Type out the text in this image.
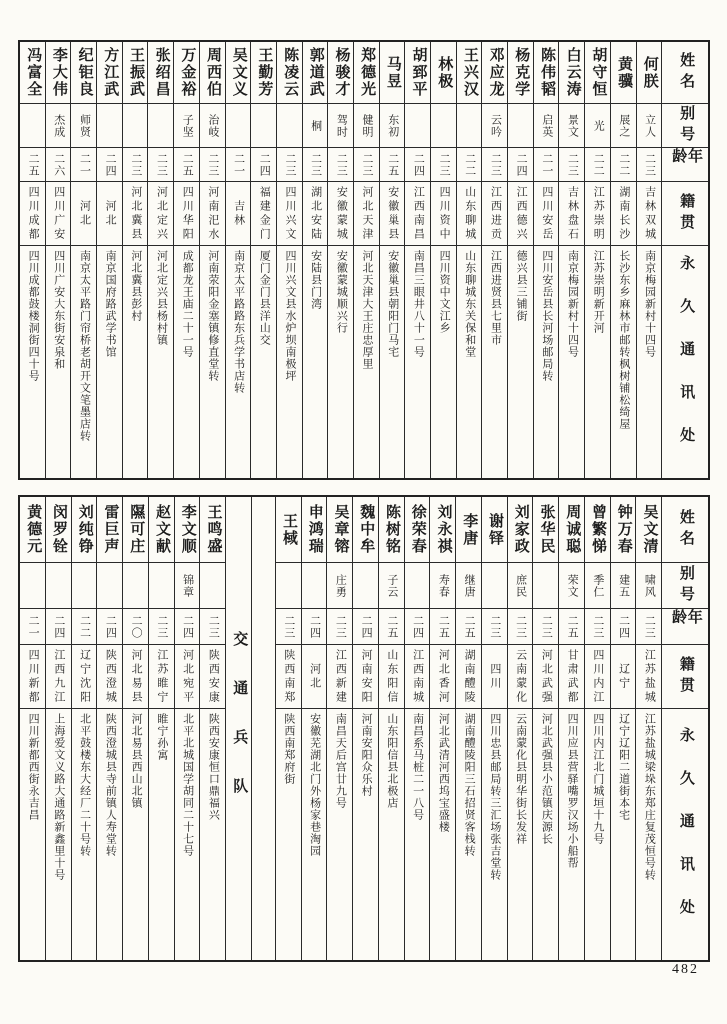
冯富全
二五
四川成都
四川成都鼓楼洞街四十号
李大伟
杰成
二六
四川广安
四川广安大东街安泉和
纪钜良
师贤
二一
河北
南京太平路门帘桥老胡开文笔墨店转
方江武
二四
河北
南京国府路武学书馆
王振武
二三
河北冀县
河北冀县彭村
张绍昌
二三
河北定兴
河北定兴县杨村镇
万金裕
子坚
二五
四川华阳
成都龙王庙二十一号
周西伯
治岐
二三
河南汜水
河南荥阳金塞镇修直堂转
吴文义
二一
吉林
南京太平路路东兵学书店转
王勤芳
二四
福建金门
厦门金门县洋山交
陈凌云
二三
四川兴文
四川兴文县水炉坝南极坪
郭道武
桐
二三
湖北安陆
安陆县门湾
杨骏才
驾时
二三
安徽蒙城
安徽蒙城顺兴行
郑德光
健明
二三
河北天津
河北天津大王庄忠厚里
马昱
东初
二五
安徽巢县
安徽巢县朝阳门马宅
胡郅平
二四
江西南昌
南昌三眼井八十一号
林极
二三
四川资中
四川资中文江乡
王兴汉
二二
山东聊城
山东聊城东关保和堂
邓应龙
云吟
二三
江西进贡
江西进贤县七里市
杨克学
二四
江西德兴
德兴县三铺街
陈伟韬
启英
二一
四川安岳
四川安岳县长河场邮局转
白云涛
景文
二三
吉林盘石
南京梅园新村十四号
胡守恒
光
二二
江苏崇明
江苏崇明新开河
黄骥
展之
二二
湖南长沙
长沙东乡麻林市邮转枫树铺松绮屋
何朕
立人
二三
吉林双城
南京梅园新村十四号
姓名
别号
年龄
籍贯
永久通讯处
黄德元
二一
四川新都
四川新都西街永吉昌
闵罗铨
二四
江西九江
上海爱文义路大通路新鑫里十号
刘纯铮
二二
辽宁沈阳
北平鼓楼东大经厂二十号转
雷巨声
二四
陕西澄城
陕西澄城县寺前镇人寿堂转
隰可庄
二〇
河北易县
河北易县西山北镇
赵文献
二三
江苏睢宁
睢宁孙寓
李文顺
锦章
二四
河北宛平
北平北城国学胡同二十七号
王鸣盛
二三
陕西安康
陕西安康恒口鼎福兴 交通兵队
王棫
二三
陕西南郑
陕西南郑府街
申鸿瑞
二四
河北
安徽芜湖北门外杨家巷淘园
吴章镕
庄勇
二三
江西新建
南昌天后宫廿九号
魏中牟
二四
河南安阳
河南安阳众乐村
陈树铭
子云
二五
山东阳信
山东阳信县北极店
徐荣春
二四
江西南城
南昌系马桩二一八号
刘永祺
寿春
二五
河北香河
河北武清河西坞宝盛楼
李唐
继唐
二五
湖南醴陵
湖南醴陵阳三石招贤客栈转
谢铎
二三
四川
四川忠县邮局转三汇场张吉堂转
刘家政
庶民
二三
云南蒙化
云南蒙化县明华街长发祥
张华民
二三
河北武强
河北武强县小范镇庆源长
周诚聪
荣文
二五
甘肃武都
四川应县营驿嘴罗汉场小船帮
曾繁悌
季仁
二三
四川内江
四川内江北门城垣十九号
钟万春
建五
二四
辽宁
辽宁辽阳二道街本宅
吴文清
啸风
二三
江苏盐城
江苏盐城梁垛东郑庄复茂恒号转
姓名
别号
年龄
籍贯
永久通讯处
482
